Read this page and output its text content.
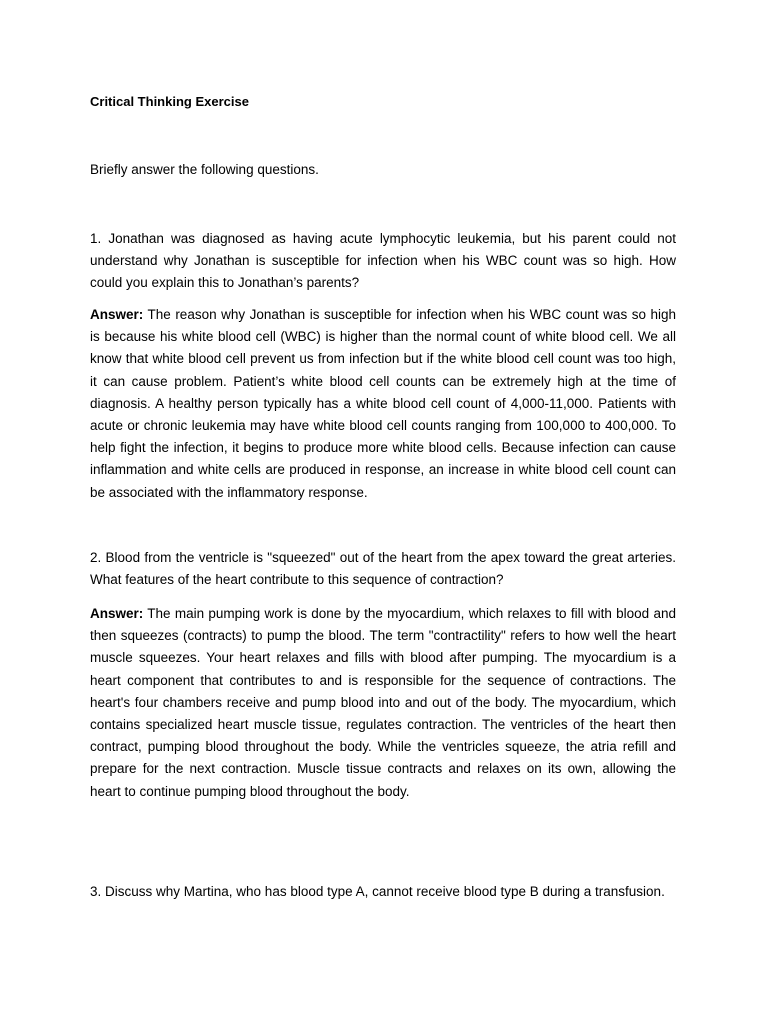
Critical Thinking Exercise
Briefly answer the following questions.

1. Jonathan was diagnosed as having acute lymphocytic leukemia, but his parent could not understand why Jonathan is susceptible for infection when his WBC count was so high. How could you explain this to Jonathan’s parents?

Answer: The reason why Jonathan is susceptible for infection when his WBC count was so high is because his white blood cell (WBC) is higher than the normal count of white blood cell. We all know that white blood cell prevent us from infection but if the white blood cell count was too high, it can cause problem. Patient’s white blood cell counts can be extremely high at the time of diagnosis. A healthy person typically has a white blood cell count of 4,000-11,000. Patients with acute or chronic leukemia may have white blood cell counts ranging from 100,000 to 400,000. To help fight the infection, it begins to produce more white blood cells. Because infection can cause inflammation and white cells are produced in response, an increase in white blood cell count can be associated with the inflammatory response.

2. Blood from the ventricle is "squeezed" out of the heart from the apex toward the great arteries. What features of the heart contribute to this sequence of contraction?

Answer: The main pumping work is done by the myocardium, which relaxes to fill with blood and then squeezes (contracts) to pump the blood. The term "contractility" refers to how well the heart muscle squeezes. Your heart relaxes and fills with blood after pumping. The myocardium is a heart component that contributes to and is responsible for the sequence of contractions. The heart's four chambers receive and pump blood into and out of the body. The myocardium, which contains specialized heart muscle tissue, regulates contraction. The ventricles of the heart then contract, pumping blood throughout the body. While the ventricles squeeze, the atria refill and prepare for the next contraction. Muscle tissue contracts and relaxes on its own, allowing the heart to continue pumping blood throughout the body.

3. Discuss why Martina, who has blood type A, cannot receive blood type B during a transfusion.
